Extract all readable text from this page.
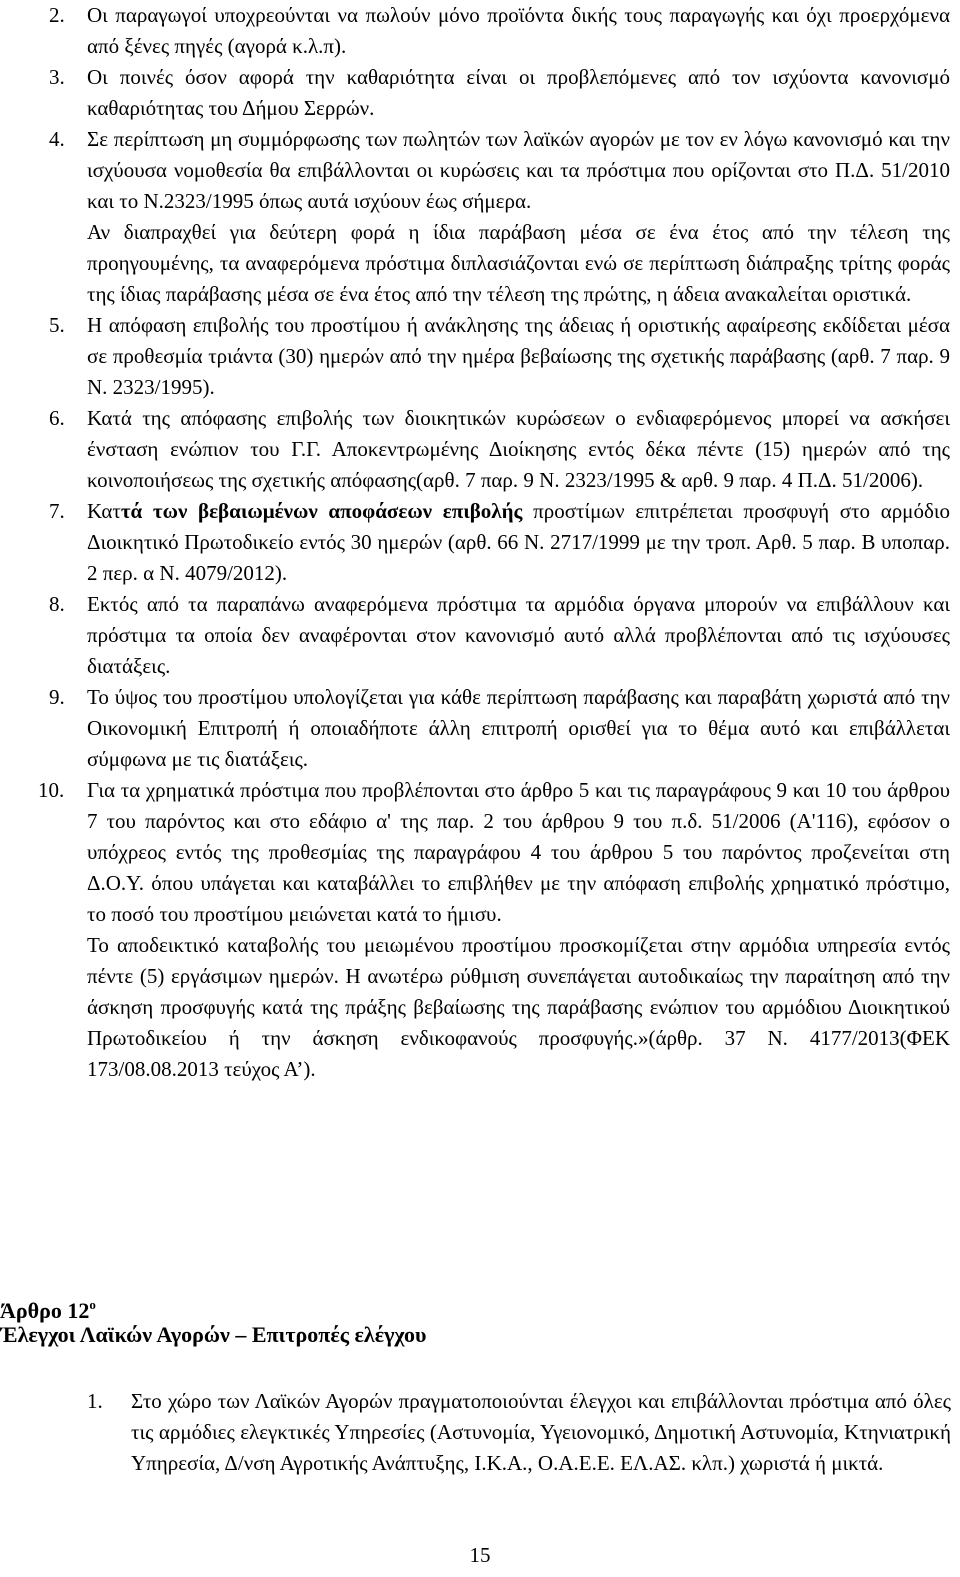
2. Οι παραγωγοί υποχρεούνται να πωλούν μόνο προϊόντα δικής τους παραγωγής και όχι προερχόμενα από ξένες πηγές (αγορά κ.λ.π).

3. Οι ποινές όσον αφορά την καθαριότητα είναι οι προβλεπόμενες από τον ισχύοντα κανονισμό καθαριότητας του Δήμου Σερρών.

4. Σε περίπτωση μη συμμόρφωσης των πωλητών των λαϊκών αγορών με τον εν λόγω κανονισμό και την ισχύουσα νομοθεσία θα επιβάλλονται οι κυρώσεις και τα πρόστιμα που ορίζονται στο Π.Δ. 51/2010 και το Ν.2323/1995 όπως αυτά ισχύουν έως σήμερα.

Αν διαπραχθεί για δεύτερη φορά η ίδια παράβαση μέσα σε ένα έτος από την τέλεση της προηγουμένης, τα αναφερόμενα πρόστιμα διπλασιάζονται ενώ σε περίπτωση διάπραξης τρίτης φοράς της ίδιας παράβασης μέσα σε ένα έτος από την τέλεση της πρώτης, η άδεια ανακαλείται οριστικά.

5. Η απόφαση επιβολής του προστίμου ή ανάκλησης της άδειας ή οριστικής αφαίρεσης εκδίδεται μέσα σε προθεσμία τριάντα (30) ημερών από την ημέρα βεβαίωσης της σχετικής παράβασης (αρθ. 7 παρ. 9 Ν. 2323/1995).

6. Κατά της απόφασης επιβολής των διοικητικών κυρώσεων ο ενδιαφερόμενος μπορεί να ασκήσει ένσταση ενώπιον του Γ.Γ. Αποκεντρωμένης Διοίκησης εντός δέκα πέντε (15) ημερών από της κοινοποιήσεως της σχετικής απόφασης(αρθ. 7 παρ. 9 Ν. 2323/1995 & αρθ. 9 παρ. 4 Π.Δ. 51/2006).

7. Καττά των βεβαιωμένων αποφάσεων επιβολής προστίμων επιτρέπεται προσφυγή στο αρμόδιο Διοικητικό Πρωτοδικείο εντός 30 ημερών (αρθ. 66 Ν. 2717/1999 με την τροπ. Αρθ. 5 παρ. Β υποπαρ. 2 περ. α Ν. 4079/2012).

8. Εκτός από τα παραπάνω αναφερόμενα πρόστιμα τα αρμόδια όργανα μπορούν να επιβάλλουν και πρόστιμα τα οποία δεν αναφέρονται στον κανονισμό αυτό αλλά προβλέπονται από τις ισχύουσες διατάξεις.

9. Το ύψος του προστίμου υπολογίζεται για κάθε περίπτωση παράβασης και παραβάτη χωριστά από την Οικονομική Επιτροπή ή οποιαδήποτε άλλη επιτροπή ορισθεί για το θέμα αυτό και επιβάλλεται σύμφωνα με τις διατάξεις.

10. Για τα χρηματικά πρόστιμα που προβλέπονται στο άρθρο 5 και τις παραγράφους 9 και 10 του άρθρου 7 του παρόντος και στο εδάφιο α' της παρ. 2 του άρθρου 9 του π.δ. 51/2006 (Α'116), εφόσον ο υπόχρεος εντός της προθεσμίας της παραγράφου 4 του άρθρου 5 του παρόντος προζενείται στη Δ.Ο.Υ. όπου υπάγεται και καταβάλλει το επιβλήθεν με την απόφαση επιβολής χρηματικό πρόστιμο, το ποσό του προστίμου μειώνεται κατά το ήμισυ.

Το αποδεικτικό καταβολής του μειωμένου προστίμου προσκομίζεται στην αρμόδια υπηρεσία εντός πέντε (5) εργάσιμων ημερών. Η ανωτέρω ρύθμιση συνεπάγεται αυτοδικαίως την παραίτηση από την άσκηση προσφυγής κατά της πράξης βεβαίωσης της παράβασης ενώπιον του αρμόδιου Διοικητικού Πρωτοδικείου ή την άσκηση ενδικοφανούς προσφυγής.»(άρθρ. 37 Ν. 4177/2013(ΦΕΚ 173/08.08.2013 τεύχος Α’).

Άρθρο $12^o$
Έλεγχοι Λαϊκών Αγορών – Επιτροπές ελέγχου
1. Στο χώρο των Λαϊκών Αγορών πραγματοποιούνται έλεγχοι και επιβάλλονται πρόστιμα από όλες τις αρμόδιες ελεγκτικές Υπηρεσίες (Αστυνομία, Υγειονομικό, Δημοτική Αστυνομία, Κτηνιατρική Υπηρεσία, Δ/νση Αγροτικής Ανάπτυξης, Ι.Κ.Α., Ο.Α.Ε.Ε. ΕΛ.ΑΣ. κλπ.) χωριστά ή μικτά.

15
